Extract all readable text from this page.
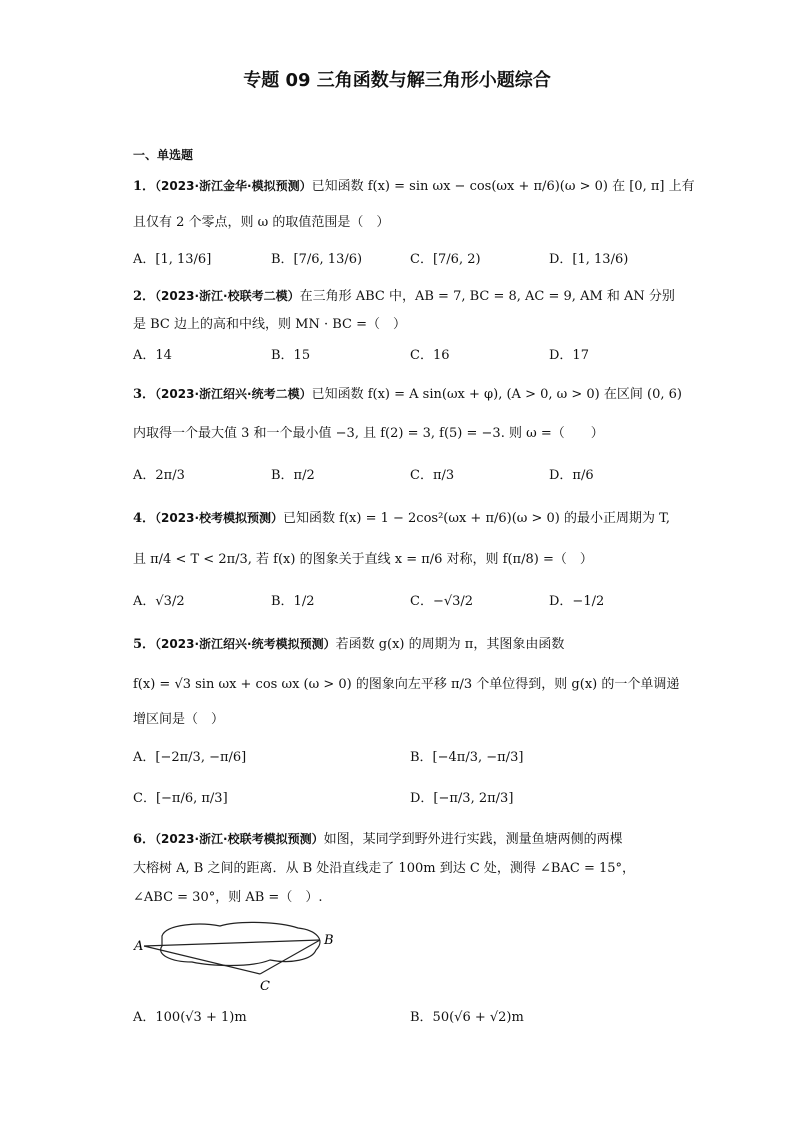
专题 09 三角函数与解三角形小题综合
一、单选题
1．（2023·浙江金华·模拟预测）已知函数 f(x) = sin ωx − cos(ωx + π/6)(ω > 0) 在 [0, π] 上有
且仅有 2 个零点，则 ω 的取值范围是（　）
A．[1, 13/6]	B．[7/6, 13/6)	C．[7/6, 2)	D．[1, 13/6)
2．（2023·浙江·校联考二模）在三角形 ABC 中，AB = 7, BC = 8, AC = 9, AM 和 AN 分别
是 BC 边上的高和中线，则 MN · BC =（　）
A．14	B．15	C．16	D．17
3．（2023·浙江绍兴·统考二模）已知函数 f(x) = A sin(ωx + φ), (A > 0, ω > 0) 在区间 (0, 6)
内取得一个最大值 3 和一个最小值 −3, 且 f(2) = 3, f(5) = −3. 则 ω =（　　）
A．2π/3	B．π/2	C．π/3	D．π/6
4．（2023·校考模拟预测）已知函数 f(x) = 1 − 2cos²(ωx + π/6)(ω > 0) 的最小正周期为 T,
且 π/4 < T < 2π/3, 若 f(x) 的图象关于直线 x = π/6 对称，则 f(π/8) =（　）
A．√3/2	B．1/2	C．−√3/2	D．−1/2
5．（2023·浙江绍兴·统考模拟预测）若函数 g(x) 的周期为 π，其图象由函数
f(x) = √3 sin ωx + cos ωx (ω > 0) 的图象向左平移 π/3 个单位得到，则 g(x) 的一个单调递
增区间是（　）
A．[−2π/3, −π/6]	B．[−4π/3, −π/3]
C．[−π/6, π/3]	D．[−π/3, 2π/3]
6．（2023·浙江·校联考模拟预测）如图，某同学到野外进行实践，测量鱼塘两侧的两棵
大榕树 A, B 之间的距离．从 B 处沿直线走了 100m 到达 C 处，测得 ∠BAC = 15°，
∠ABC = 30°，则 AB =（　）.
A	B
C
A．100(√3 + 1)m	B．50(√6 + √2)m
